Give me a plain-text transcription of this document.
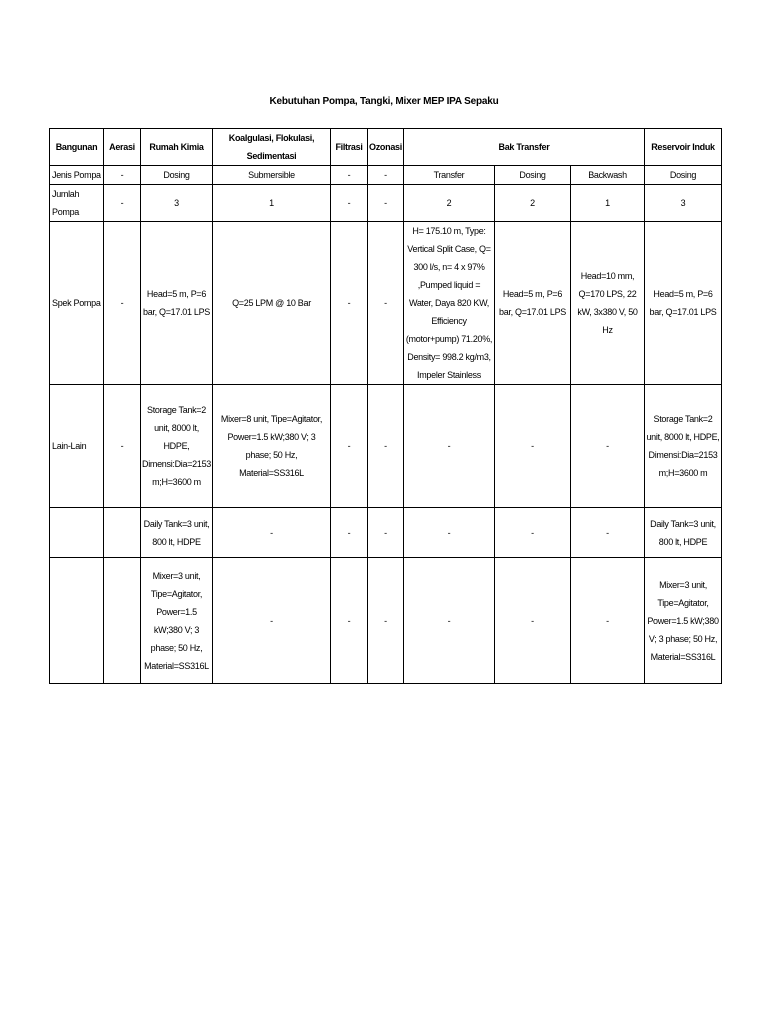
Kebutuhan Pompa, Tangki, Mixer MEP IPA Sepaku
Bangunan	Aerasi	Rumah Kimia	Koalgulasi, Flokulasi, Sedimentasi	Filtrasi	Ozonasi	Bak Transfer			Reservoir Induk
Jenis Pompa	-	Dosing	Submersible	-	-	Transfer	Dosing	Backwash	Dosing
Jumlah Pompa	-	3	1	-	-	2	2	1	3
Spek Pompa	-	Head=5 m, P=6 bar, Q=17.01 LPS	Q=25 LPM @ 10 Bar	-	-	H= 175.10 m, Type: Vertical Split Case, Q= 300 l/s, n= 4 x 97% ,Pumped liquid = Water, Daya 820 KW, Efficiency (motor+pump) 71.20%, Density= 998.2 kg/m3, Impeler Stainless	Head=5 m, P=6 bar, Q=17.01 LPS	Head=10 mm, Q=170 LPS, 22 kW, 3x380 V, 50 Hz	Head=5 m, P=6 bar, Q=17.01 LPS
Lain-Lain	-	Storage Tank=2 unit, 8000 lt, HDPE, Dimensi:Dia=2153 m;H=3600 m	Mixer=8 unit, Tipe=Agitator, Power=1.5 kW;380 V; 3 phase; 50 Hz, Material=SS316L	-	-	-	-	-	Storage Tank=2 unit, 8000 lt, HDPE, Dimensi:Dia=2153 m;H=3600 m
		Daily Tank=3 unit, 800 lt, HDPE	-	-	-	-	-	-	Daily Tank=3 unit, 800 lt, HDPE
		Mixer=3 unit, Tipe=Agitator, Power=1.5 kW;380 V; 3 phase; 50 Hz, Material=SS316L	-	-	-	-	-	-	Mixer=3 unit, Tipe=Agitator, Power=1.5 kW;380 V; 3 phase; 50 Hz, Material=SS316L
